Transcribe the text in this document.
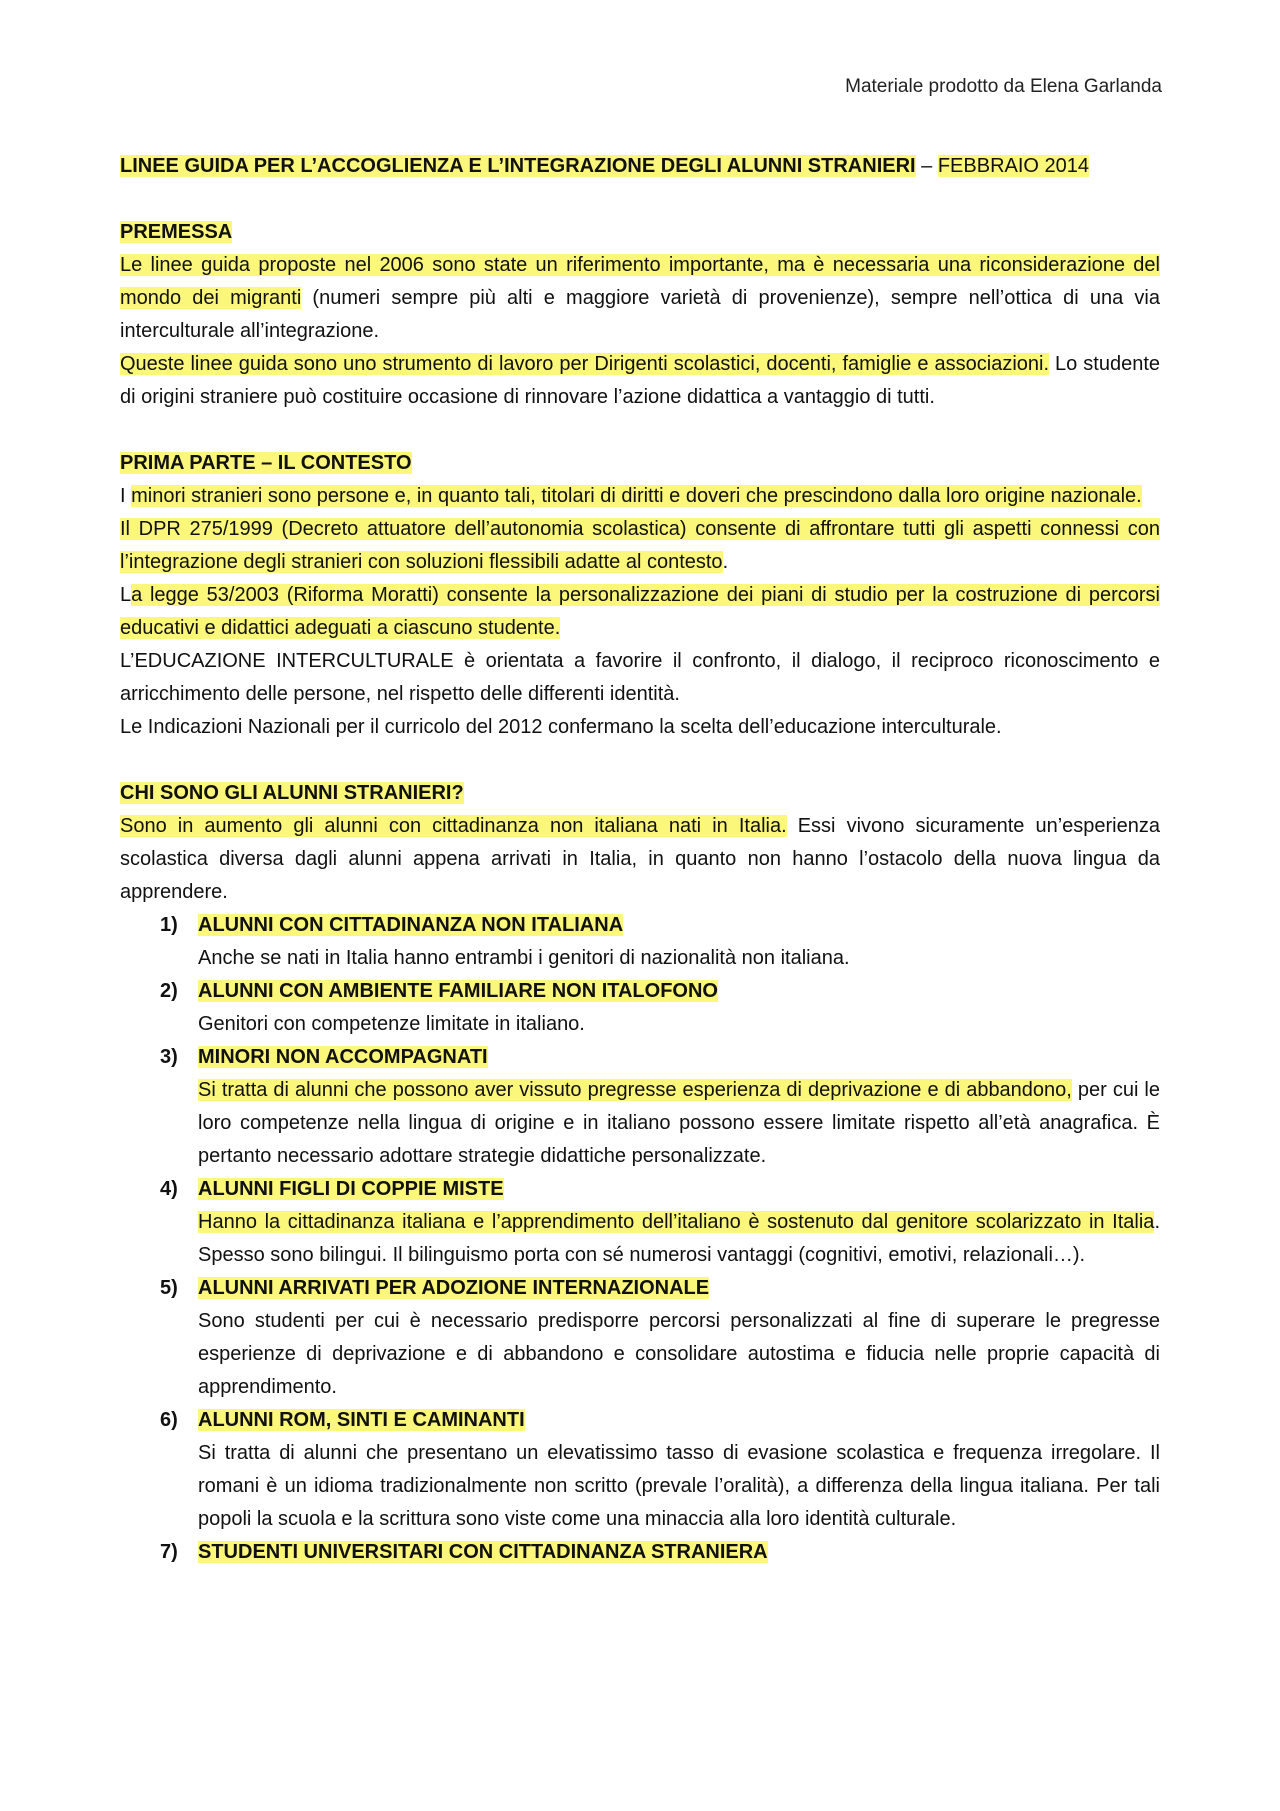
Materiale prodotto da Elena Garlanda

LINEE GUIDA PER L’ACCOGLIENZA E L’INTEGRAZIONE DEGLI ALUNNI STRANIERI – FEBBRAIO 2014

PREMESSA

Le linee guida proposte nel 2006 sono state un riferimento importante, ma è necessaria una riconsiderazione del mondo dei migranti (numeri sempre più alti e maggiore varietà di provenienze), sempre nell’ottica di una via interculturale all’integrazione.

Queste linee guida sono uno strumento di lavoro per Dirigenti scolastici, docenti, famiglie e associazioni. Lo studente di origini straniere può costituire occasione di rinnovare l’azione didattica a vantaggio di tutti.

PRIMA PARTE – IL CONTESTO

I minori stranieri sono persone e, in quanto tali, titolari di diritti e doveri che prescindono dalla loro origine nazionale.

Il DPR 275/1999 (Decreto attuatore dell’autonomia scolastica) consente di affrontare tutti gli aspetti connessi con l’integrazione degli stranieri con soluzioni flessibili adatte al contesto.

La legge 53/2003 (Riforma Moratti) consente la personalizzazione dei piani di studio per la costruzione di percorsi educativi e didattici adeguati a ciascuno studente.

L’EDUCAZIONE INTERCULTURALE è orientata a favorire il confronto, il dialogo, il reciproco riconoscimento e arricchimento delle persone, nel rispetto delle differenti identità.

Le Indicazioni Nazionali per il curricolo del 2012 confermano la scelta dell’educazione interculturale.

CHI SONO GLI ALUNNI STRANIERI?

Sono in aumento gli alunni con cittadinanza non italiana nati in Italia. Essi vivono sicuramente un’esperienza scolastica diversa dagli alunni appena arrivati in Italia, in quanto non hanno l’ostacolo della nuova lingua da apprendere.

1) ALUNNI CON CITTADINANZA NON ITALIANA
Anche se nati in Italia hanno entrambi i genitori di nazionalità non italiana.
2) ALUNNI CON AMBIENTE FAMILIARE NON ITALOFONO
Genitori con competenze limitate in italiano.
3) MINORI NON ACCOMPAGNATI
Si tratta di alunni che possono aver vissuto pregresse esperienza di deprivazione e di abbandono, per cui le loro competenze nella lingua di origine e in italiano possono essere limitate rispetto all’età anagrafica. È pertanto necessario adottare strategie didattiche personalizzate.
4) ALUNNI FIGLI DI COPPIE MISTE
Hanno la cittadinanza italiana e l’apprendimento dell’italiano è sostenuto dal genitore scolarizzato in Italia. Spesso sono bilingui. Il bilinguismo porta con sé numerosi vantaggi (cognitivi, emotivi, relazionali…).
5) ALUNNI ARRIVATI PER ADOZIONE INTERNAZIONALE
Sono studenti per cui è necessario predisporre percorsi personalizzati al fine di superare le pregresse esperienze di deprivazione e di abbandono e consolidare autostima e fiducia nelle proprie capacità di apprendimento.
6) ALUNNI ROM, SINTI E CAMINANTI
Si tratta di alunni che presentano un elevatissimo tasso di evasione scolastica e frequenza irregolare. Il romani è un idioma tradizionalmente non scritto (prevale l’oralità), a differenza della lingua italiana. Per tali popoli la scuola e la scrittura sono viste come una minaccia alla loro identità culturale.
7) STUDENTI UNIVERSITARI CON CITTADINANZA STRANIERA
